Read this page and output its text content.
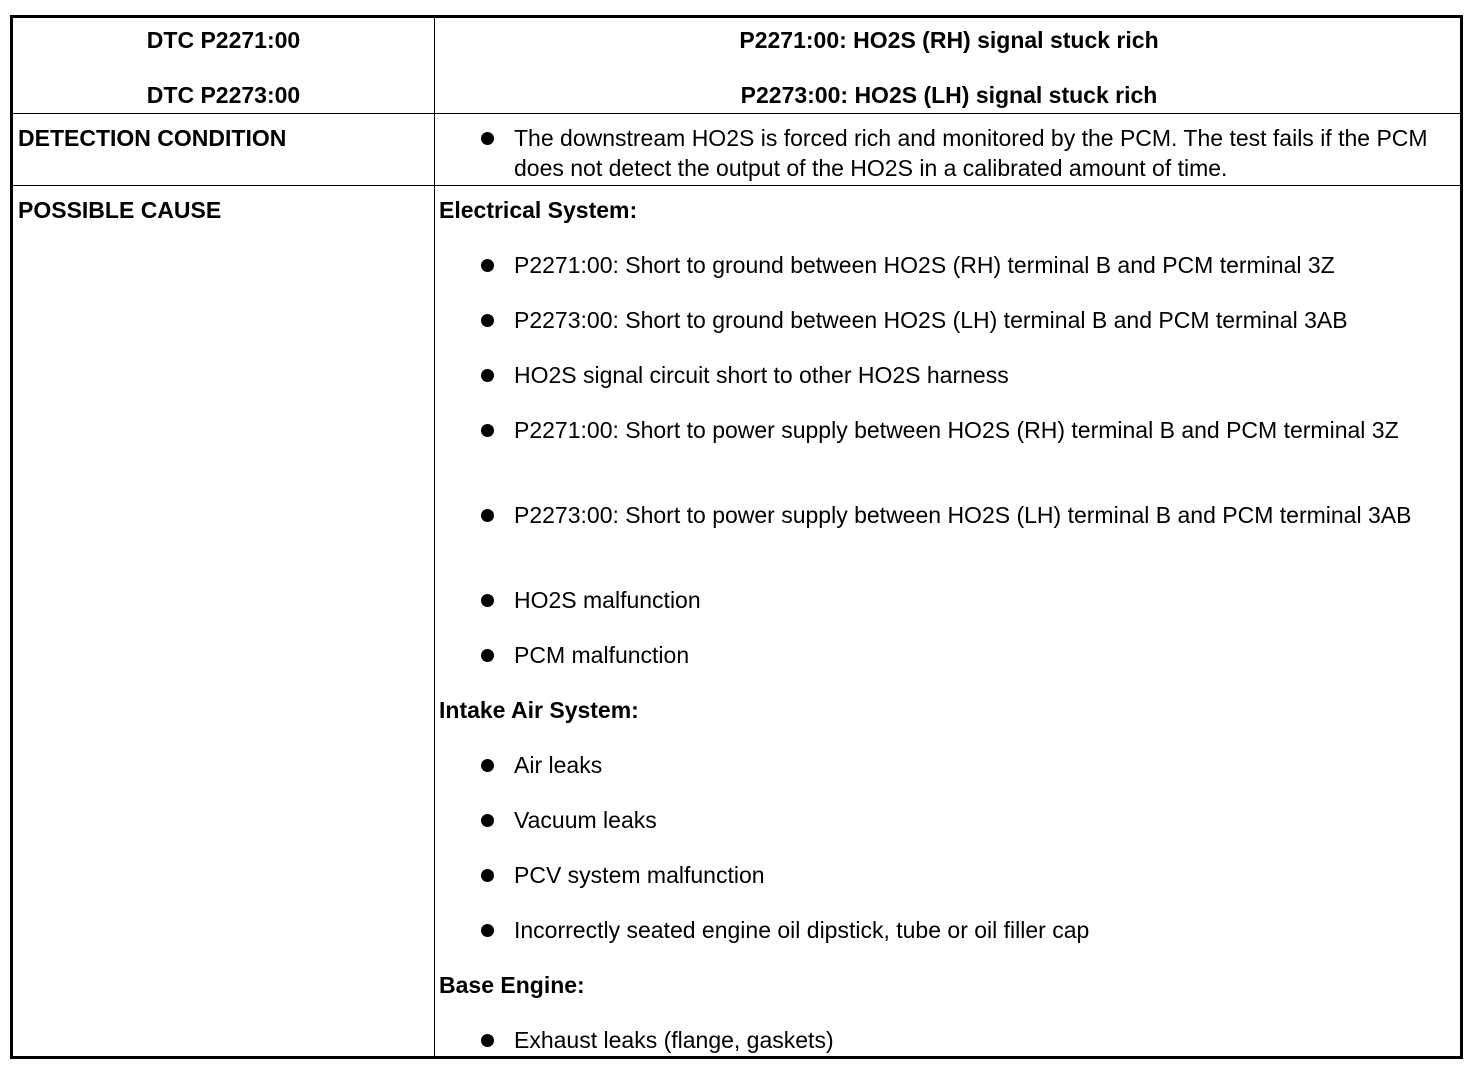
DTC P2271:00
DTC P2273:00
P2271:00: HO2S (RH) signal stuck rich
P2273:00: HO2S (LH) signal stuck rich
DETECTION CONDITION	The downstream HO2S is forced rich and monitored by the PCM. The test fails if the PCM does not detect the output of the HO2S in a calibrated amount of time.
POSSIBLE CAUSE	Electrical System:
P2271:00: Short to ground between HO2S (RH) terminal B and PCM terminal 3Z
P2273:00: Short to ground between HO2S (LH) terminal B and PCM terminal 3AB
HO2S signal circuit short to other HO2S harness
P2271:00: Short to power supply between HO2S (RH) terminal B and PCM terminal 3Z
P2273:00: Short to power supply between HO2S (LH) terminal B and PCM terminal 3AB
HO2S malfunction
PCM malfunction
Intake Air System:
Air leaks
Vacuum leaks
PCV system malfunction
Incorrectly seated engine oil dipstick, tube or oil filler cap
Base Engine:
Exhaust leaks (flange, gaskets)
